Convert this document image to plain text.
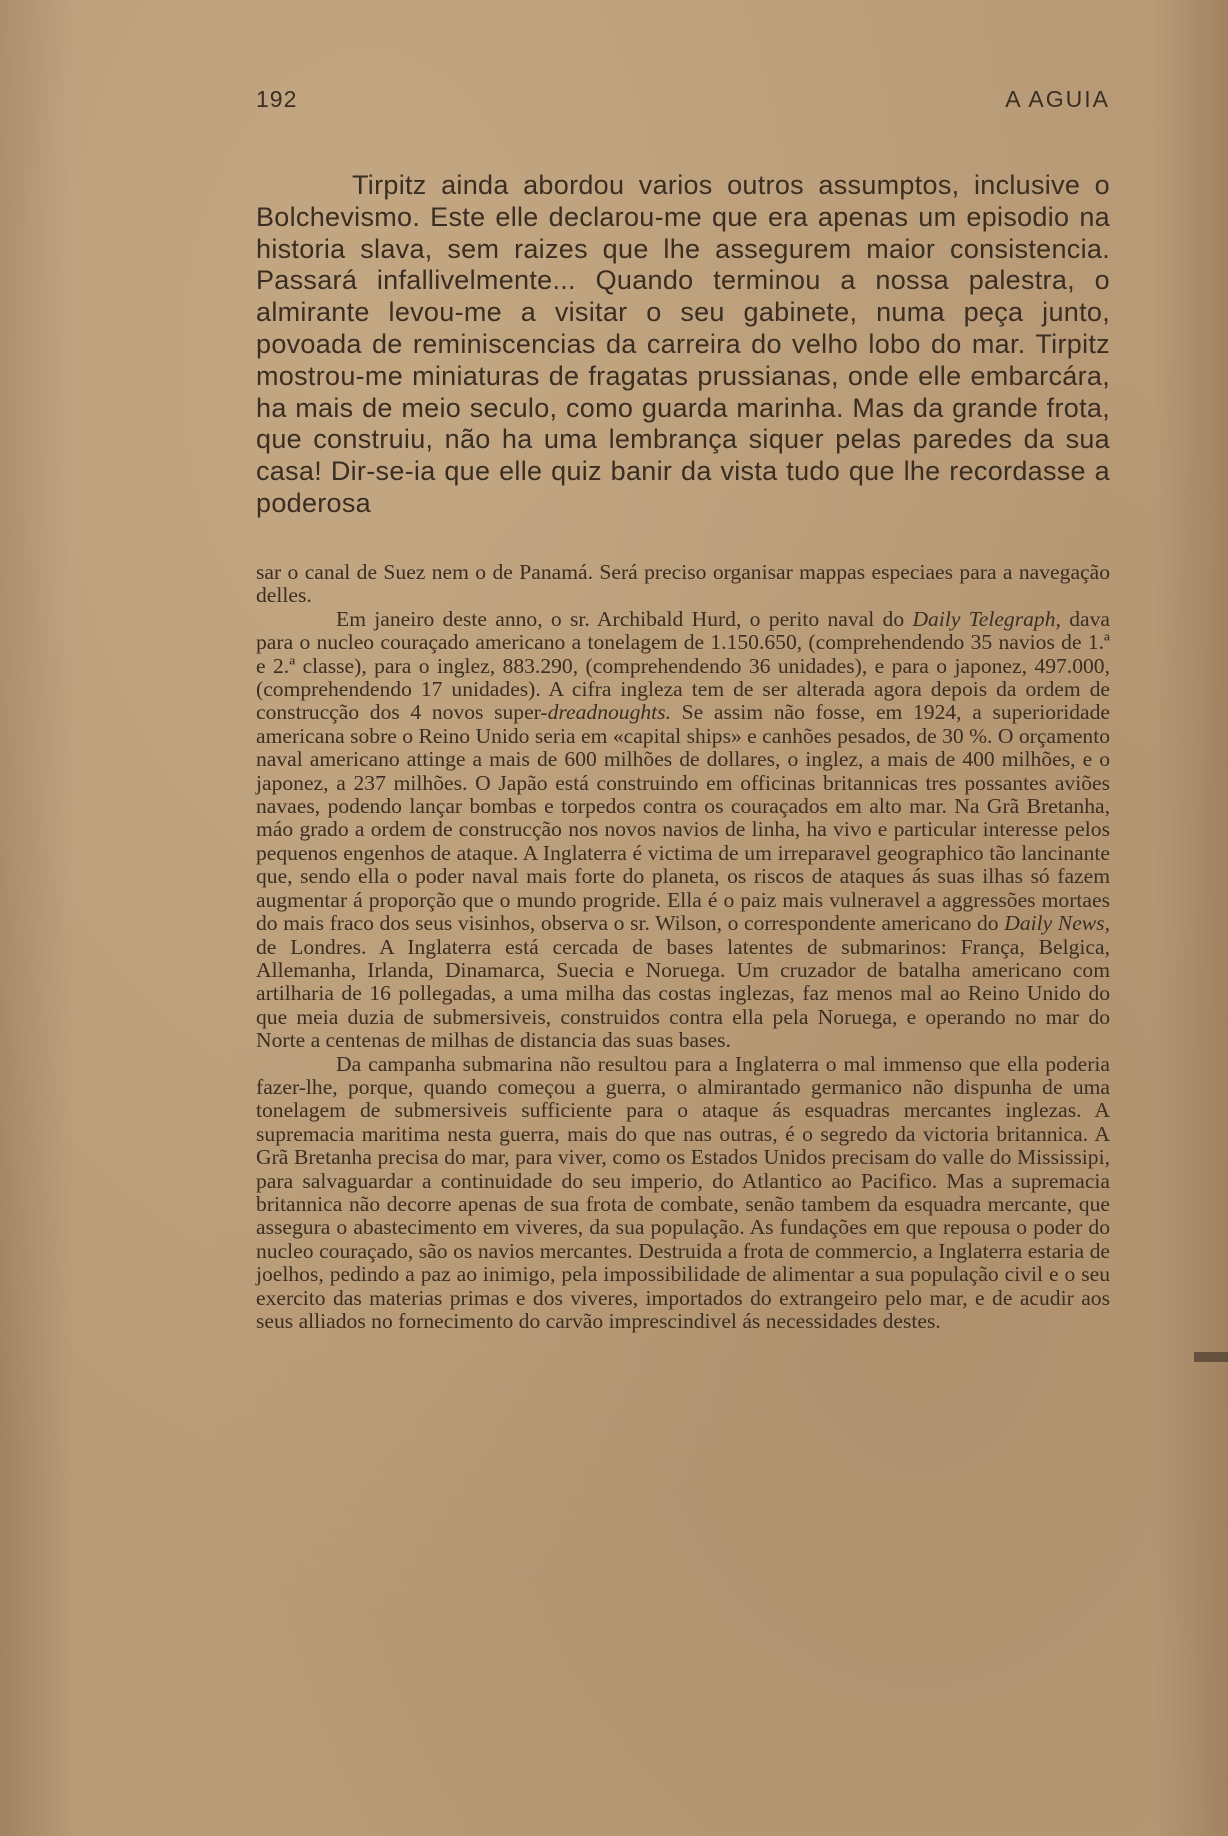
192	A AGUIA

Tirpitz ainda abordou varios outros assumptos, inclusive o Bolchevismo. Este elle declarou-me que era apenas um episodio na historia slava, sem raizes que lhe assegurem maior consistencia. Passará infallivelmente... Quando terminou a nossa palestra, o almirante levou-me a visitar o seu gabinete, numa peça junto, povoada de reminiscencias da carreira do velho lobo do mar. Tirpitz mostrou-me miniaturas de fragatas prussianas, onde elle embarcára, ha mais de meio seculo, como guarda marinha. Mas da grande frota, que construiu, não ha uma lembrança siquer pelas paredes da sua casa! Dir-se-ia que elle quiz banir da vista tudo que lhe recordasse a poderosa

sar o canal de Suez nem o de Panamá. Será preciso organisar mappas especiaes para a navegação delles.

Em janeiro deste anno, o sr. Archibald Hurd, o perito naval do Daily Telegraph, dava para o nucleo couraçado americano a tonelagem de 1.150.650, (comprehendendo 35 navios de 1.ª e 2.ª classe), para o inglez, 883.290, (comprehendendo 36 unidades), e para o japonez, 497.000, (comprehendendo 17 unidades). A cifra ingleza tem de ser alterada agora depois da ordem de construcção dos 4 novos super-dreadnoughts. Se assim não fosse, em 1924, a superioridade americana sobre o Reino Unido seria em «capital ships» e canhões pesados, de 30 %. O orçamento naval americano attinge a mais de 600 milhões de dollares, o inglez, a mais de 400 milhões, e o japonez, a 237 milhões. O Japão está construindo em officinas britannicas tres possantes aviões navaes, podendo lançar bombas e torpedos contra os couraçados em alto mar. Na Grã Bretanha, máo grado a ordem de construcção nos novos navios de linha, ha vivo e particular interesse pelos pequenos engenhos de ataque. A Inglaterra é victima de um irreparavel geographico tão lancinante que, sendo ella o poder naval mais forte do planeta, os riscos de ataques ás suas ilhas só fazem augmentar á proporção que o mundo progride. Ella é o paiz mais vulneravel a aggressões mortaes do mais fraco dos seus visinhos, observa o sr. Wilson, o correspondente americano do Daily News, de Londres. A Inglaterra está cercada de bases latentes de submarinos: França, Belgica, Allemanha, Irlanda, Dinamarca, Suecia e Noruega. Um cruzador de batalha americano com artilharia de 16 pollegadas, a uma milha das costas inglezas, faz menos mal ao Reino Unido do que meia duzia de submersiveis, construidos contra ella pela Noruega, e operando no mar do Norte a centenas de milhas de distancia das suas bases.

Da campanha submarina não resultou para a Inglaterra o mal immenso que ella poderia fazer-lhe, porque, quando começou a guerra, o almirantado germanico não dispunha de uma tonelagem de submersiveis sufficiente para o ataque ás esquadras mercantes inglezas. A supremacia maritima nesta guerra, mais do que nas outras, é o segredo da victoria britannica. A Grã Bretanha precisa do mar, para viver, como os Estados Unidos precisam do valle do Mississipi, para salvaguardar a continuidade do seu imperio, do Atlantico ao Pacifico. Mas a supremacia britannica não decorre apenas de sua frota de combate, senão tambem da esquadra mercante, que assegura o abastecimento em viveres, da sua população. As fundações em que repousa o poder do nucleo couraçado, são os navios mercantes. Destruida a frota de commercio, a Inglaterra estaria de joelhos, pedindo a paz ao inimigo, pela impossibilidade de alimentar a sua população civil e o seu exercito das materias primas e dos viveres, importados do extrangeiro pelo mar, e de acudir aos seus alliados no fornecimento do carvão imprescindivel ás necessidades destes.
